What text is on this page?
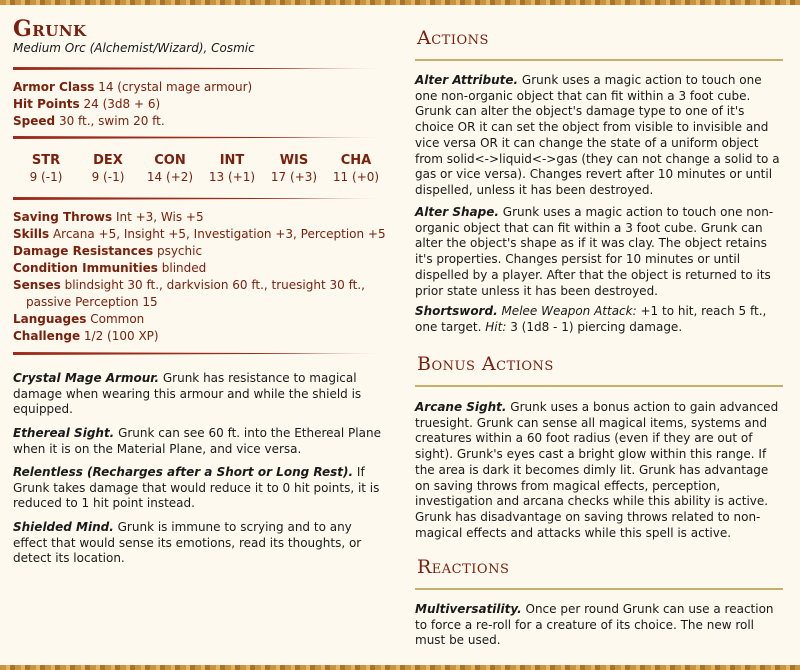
Grunk
Medium Orc (Alchemist/Wizard), Cosmic
Armor Class 14 (crystal mage armour)
Hit Points 24 (3d8 + 6)
Speed 30 ft., swim 20 ft.
STR
9 (-1)
DEX
9 (-1)
CON
14 (+2)
INT
13 (+1)
WIS
17 (+3)
CHA
11 (+0)
Saving Throws Int +3, Wis +5
Skills Arcana +5, Insight +5, Investigation +3, Perception +5
Damage Resistances psychic
Condition Immunities blinded
Senses blindsight 30 ft., darkvision 60 ft., truesight 30 ft.,
passive Perception 15
Languages Common
Challenge 1/2 (100 XP)
Crystal Mage Armour. Grunk has resistance to magical damage when wearing this armour and while the shield is equipped.
Ethereal Sight. Grunk can see 60 ft. into the Ethereal Plane when it is on the Material Plane, and vice versa.
Relentless (Recharges after a Short or Long Rest). If Grunk takes damage that would reduce it to 0 hit points, it is reduced to 1 hit point instead.
Shielded Mind. Grunk is immune to scrying and to any effect that would sense its emotions, read its thoughts, or detect its location.
Actions
Alter Attribute. Grunk uses a magic action to touch one one non-organic object that can fit within a 3 foot cube. Grunk can alter the object's damage type to one of it's choice OR it can set the object from visible to invisible and vice versa OR it can change the state of a uniform object from solid<->liquid<->gas (they can not change a solid to a gas or vice versa). Changes revert after 10 minutes or until dispelled, unless it has been destroyed.
Alter Shape. Grunk uses a magic action to touch one non-organic object that can fit within a 3 foot cube. Grunk can alter the object's shape as if it was clay. The object retains it's properties. Changes persist for 10 minutes or until dispelled by a player. After that the object is returned to its prior state unless it has been destroyed.
Shortsword. Melee Weapon Attack: +1 to hit, reach 5 ft., one target. Hit: 3 (1d8 - 1) piercing damage.
Bonus Actions
Arcane Sight. Grunk uses a bonus action to gain advanced truesight. Grunk can sense all magical items, systems and creatures within a 60 foot radius (even if they are out of sight). Grunk's eyes cast a bright glow within this range. If the area is dark it becomes dimly lit. Grunk has advantage on saving throws from magical effects, perception, investigation and arcana checks while this ability is active. Grunk has disadvantage on saving throws related to non-magical effects and attacks while this spell is active.
Reactions
Multiversatility. Once per round Grunk can use a reaction to force a re-roll for a creature of its choice. The new roll must be used.
